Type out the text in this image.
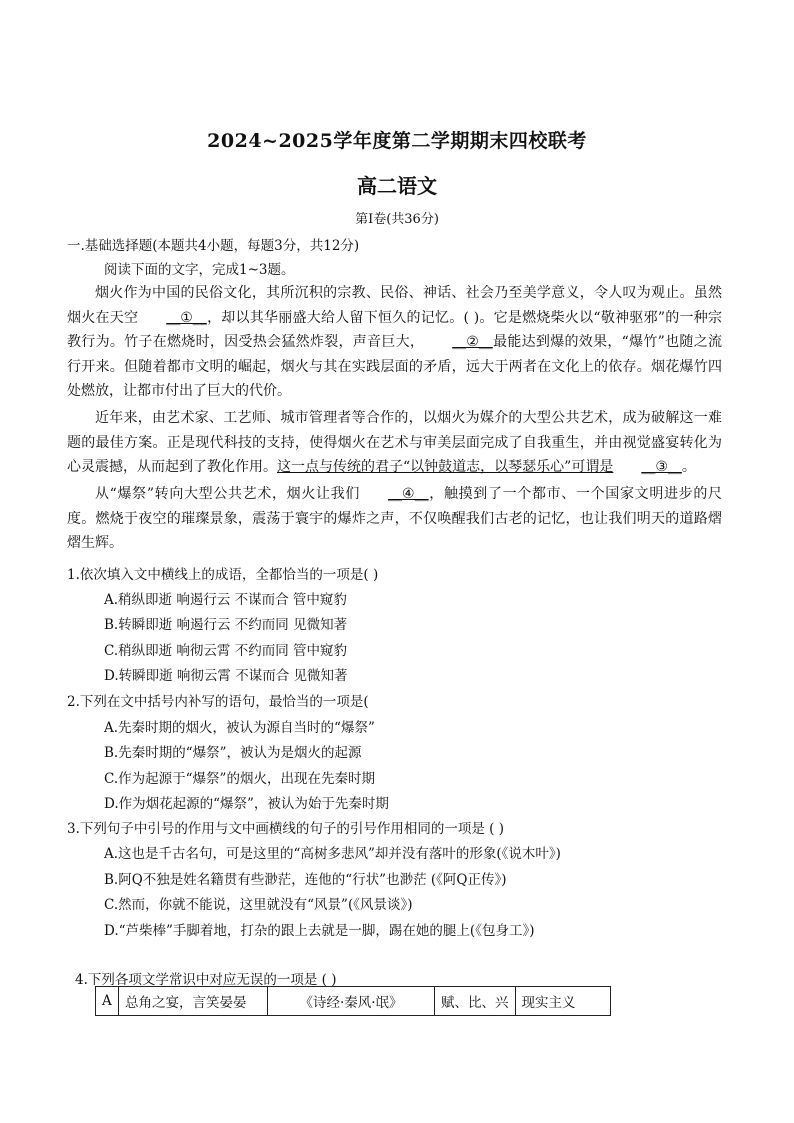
2024~2025学年度第二学期期末四校联考
高二语文
第Ⅰ卷(共36分)
一.基础选择题(本题共4小题，每题3分，共12分)
阅读下面的文字，完成1~3题。
烟火作为中国的民俗文化，其所沉积的宗教、民俗、神话、社会乃至美学意义，令人叹为观止。虽然烟火在天空 __①__，却以其华丽盛大给人留下恒久的记忆。( )。它是燃烧柴火以“敬神驱邪”的一种宗教行为。竹子在燃烧时，因受热会猛然炸裂，声音巨大， __②__最能达到爆的效果，“爆竹”也随之流行开来。但随着都市文明的崛起，烟火与其在实践层面的矛盾，远大于两者在文化上的依存。烟花爆竹四处燃放，让都市付出了巨大的代价。
近年来，由艺术家、工艺师、城市管理者等合作的，以烟火为媒介的大型公共艺术，成为破解这一难题的最佳方案。正是现代科技的支持，使得烟火在艺术与审美层面完成了自我重生，并由视觉盛宴转化为心灵震撼，从而起到了教化作用。这一点与传统的君子“以钟鼓道志，以琴瑟乐心”可谓是 __③__。
从“爆祭”转向大型公共艺术，烟火让我们 __④__，触摸到了一个都市、一个国家文明进步的尺度。燃烧于夜空的璀璨景象，震荡于寰宇的爆炸之声，不仅唤醒我们古老的记忆，也让我们明天的道路熠熠生辉。
1.依次填入文中横线上的成语，全都恰当的一项是( )
A.稍纵即逝 响遏行云 不谋而合 管中窥豹
B.转瞬即逝 响遏行云 不约而同 见微知著
C.稍纵即逝 响彻云霄 不约而同 管中窥豹
D.转瞬即逝 响彻云霄 不谋而合 见微知著
2.下列在文中括号内补写的语句，最恰当的一项是(
A.先秦时期的烟火，被认为源自当时的“爆祭”
B.先秦时期的“爆祭”，被认为是烟火的起源
C.作为起源于“爆祭”的烟火，出现在先秦时期
D.作为烟花起源的“爆祭”，被认为始于先秦时期
3.下列句子中引号的作用与文中画横线的句子的引号作用相同的一项是 ( )
A.这也是千古名句，可是这里的“高树多悲风”却并没有落叶的形象(《说木叶》)
B.阿Q不独是姓名籍贯有些渺茫，连他的“行状”也渺茫 (《阿Q正传》)
C.然而，你就不能说，这里就没有“风景”(《风景谈》)
D.“芦柴棒”手脚着地，打杂的跟上去就是一脚，踢在她的腿上(《包身工》)
4.下列各项文学常识中对应无误的一项是 ( )
A	总角之宴，言笑晏晏	《诗经·秦风·氓》	赋、比、兴	现实主义
